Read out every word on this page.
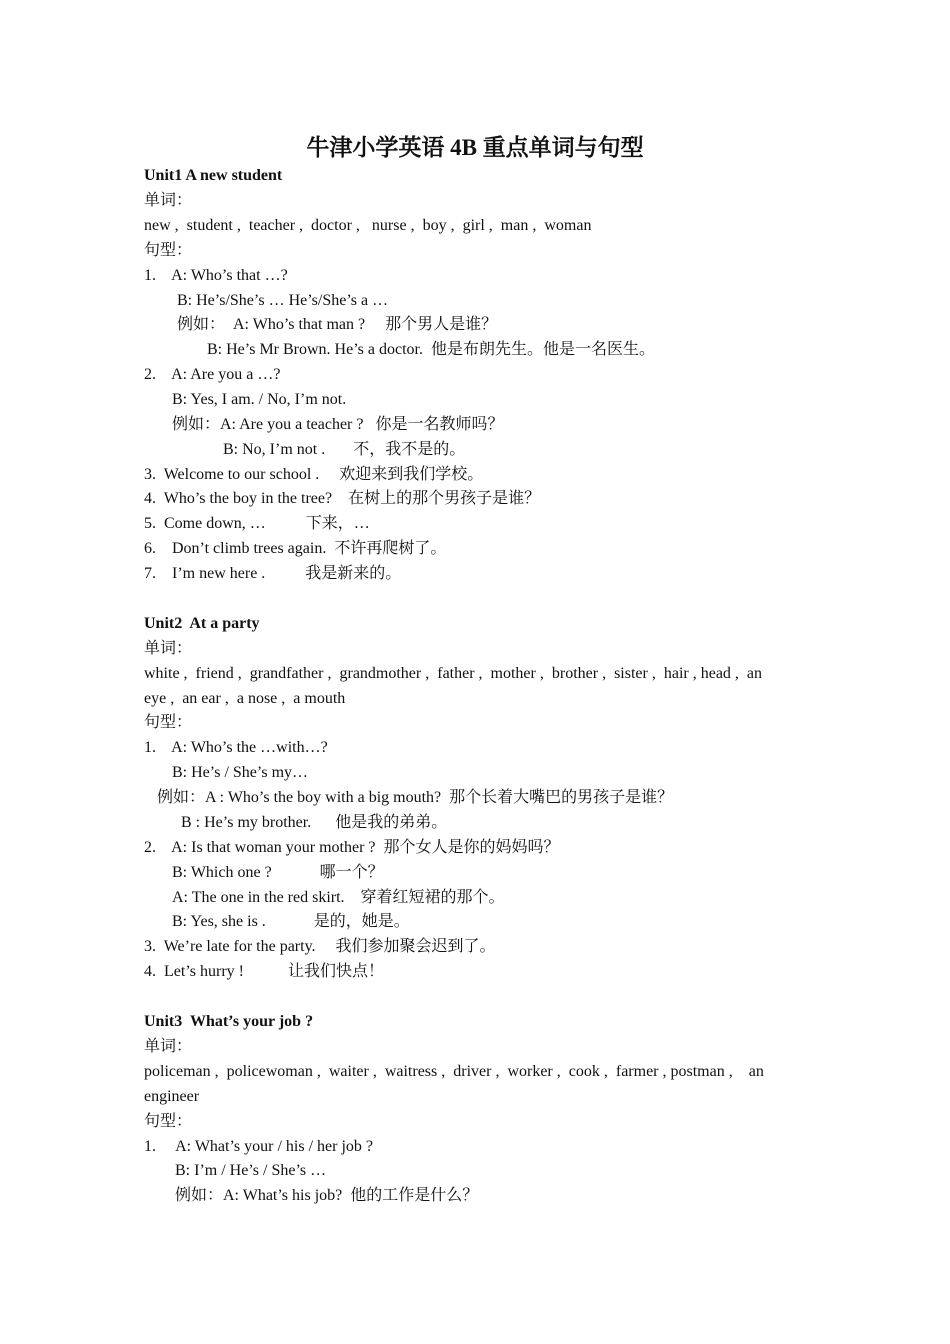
牛津小学英语 4B 重点单词与句型
Unit1 A new student
单词：
new ,  student ,  teacher ,  doctor ,   nurse ,  boy ,  girl ,  man ,  woman
句型：
1.    A: Who’s that …?
B: He’s/She’s … He’s/She’s a …
例如：  A: Who’s that man ?     那个男人是谁？
B: He’s Mr Brown. He’s a doctor.  他是布朗先生。他是一名医生。
2.    A: Are you a …?
B: Yes, I am. / No, I’m not.
例如：A: Are you a teacher ?   你是一名教师吗？
B: No, I’m not .       不，我不是的。
3.  Welcome to our school .     欢迎来到我们学校。
4.  Who’s the boy in the tree?    在树上的那个男孩子是谁？
5.  Come down, …          下来，…
6.    Don’t climb trees again.  不许再爬树了。
7.    I’m new here .          我是新来的。
Unit2  At a party
单词：
white ,  friend ,  grandfather ,  grandmother ,  father ,  mother ,  brother ,  sister ,  hair , head ,  an
eye ,  an ear ,  a nose ,  a mouth
句型：
1.    A: Who’s the …with…?
B: He’s / She’s my…
例如：A : Who’s the boy with a big mouth?  那个长着大嘴巴的男孩子是谁？
B : He’s my brother.      他是我的弟弟。
2.    A: Is that woman your mother ?  那个女人是你的妈妈吗？
B: Which one ?            哪一个？
A: The one in the red skirt.    穿着红短裙的那个。
B: Yes, she is .            是的，她是。
3.  We’re late for the party.     我们参加聚会迟到了。
4.  Let’s hurry !           让我们快点！
Unit3  What’s your job ?
单词：
policeman ,  policewoman ,  waiter ,  waitress ,  driver ,  worker ,  cook ,  farmer , postman ,    an
engineer
句型：
1.     A: What’s your / his / her job ?
B: I’m / He’s / She’s …
例如：A: What’s his job?  他的工作是什么？
